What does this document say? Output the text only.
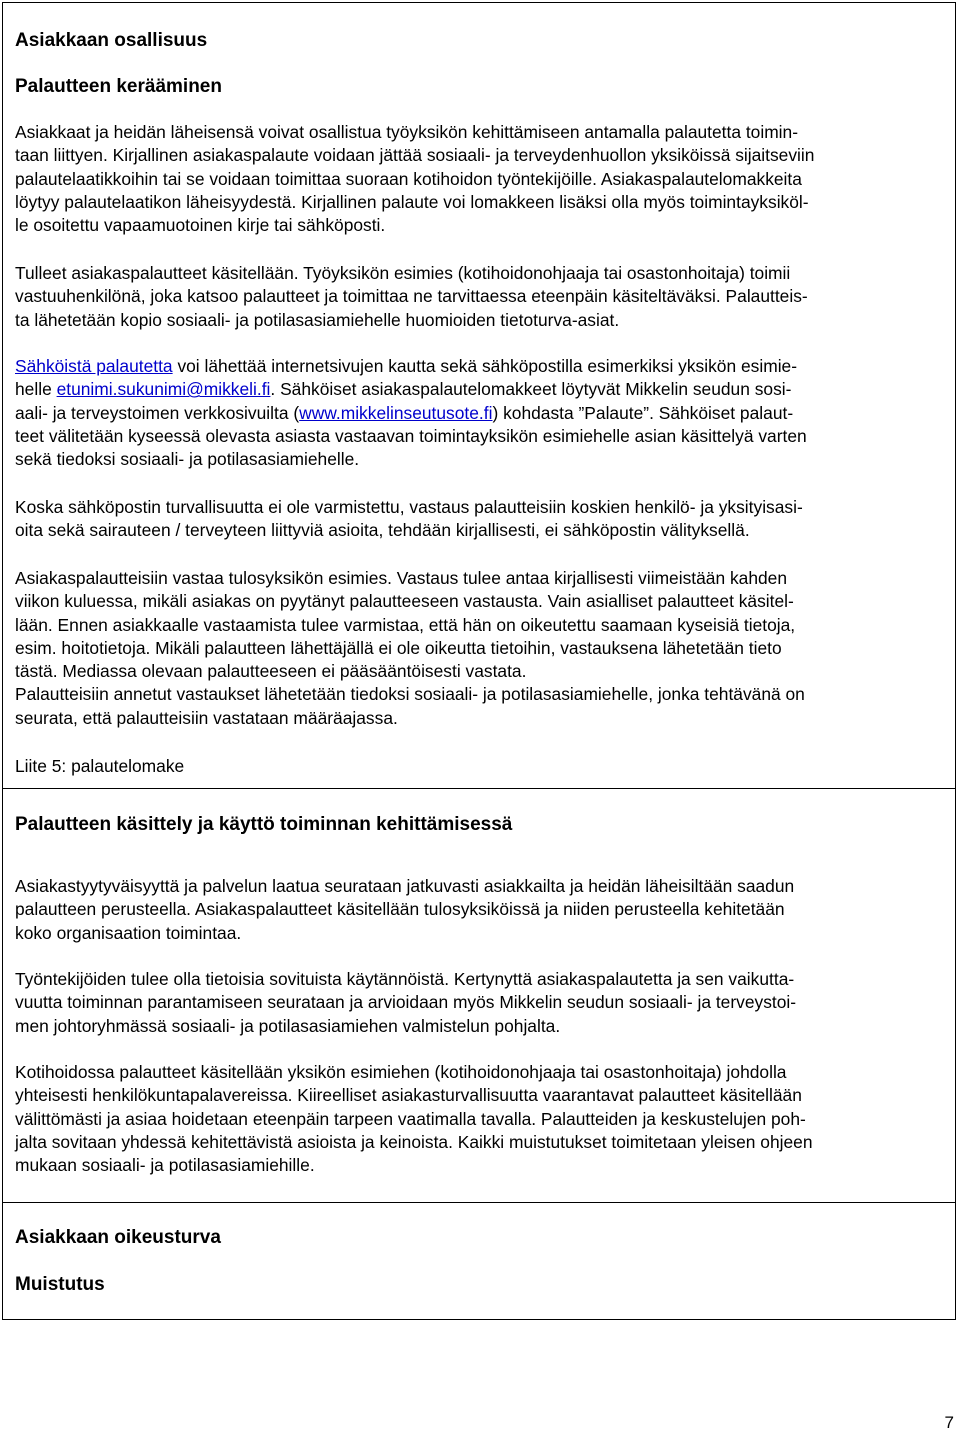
Asiakkaan osallisuus
Palautteen kerääminen
Asiakkaat ja heidän läheisensä voivat osallistua työyksikön kehittämiseen antamalla palautetta toimin-
taan liittyen. Kirjallinen asiakaspalaute voidaan jättää sosiaali- ja terveydenhuollon yksiköissä sijaitseviin
palautelaatikkoihin tai se voidaan toimittaa suoraan kotihoidon työntekijöille. Asiakaspalautelomakkeita
löytyy palautelaatikon läheisyydestä. Kirjallinen palaute voi lomakkeen lisäksi olla myös toimintayksiköl-
le osoitettu vapaamuotoinen kirje tai sähköposti.
Tulleet asiakaspalautteet käsitellään. Työyksikön esimies (kotihoidonohjaaja tai osastonhoitaja) toimii
vastuuhenkilönä, joka katsoo palautteet ja toimittaa ne tarvittaessa eteenpäin käsiteltäväksi. Palautteis-
ta lähetetään kopio sosiaali- ja potilasasiamiehelle huomioiden tietoturva-asiat.
Sähköistä palautetta voi lähettää internetsivujen kautta sekä sähköpostilla esimerkiksi yksikön esimie-
helle etunimi.sukunimi@mikkeli.fi. Sähköiset asiakaspalautelomakkeet löytyvät Mikkelin seudun sosi-
aali- ja terveystoimen verkkosivuilta (www.mikkelinseutusote.fi) kohdasta ”Palaute”. Sähköiset palaut-
teet välitetään kyseessä olevasta asiasta vastaavan toimintayksikön esimiehelle asian käsittelyä varten
sekä tiedoksi sosiaali- ja potilasasiamiehelle.
Koska sähköpostin turvallisuutta ei ole varmistettu, vastaus palautteisiin koskien henkilö- ja yksityisasi-
oita sekä sairauteen / terveyteen liittyviä asioita, tehdään kirjallisesti, ei sähköpostin välityksellä.
Asiakaspalautteisiin vastaa tulosyksikön esimies. Vastaus tulee antaa kirjallisesti viimeistään kahden
viikon kuluessa, mikäli asiakas on pyytänyt palautteeseen vastausta. Vain asialliset palautteet käsitel-
lään. Ennen asiakkaalle vastaamista tulee varmistaa, että hän on oikeutettu saamaan kyseisiä tietoja,
esim. hoitotietoja. Mikäli palautteen lähettäjällä ei ole oikeutta tietoihin, vastauksena lähetetään tieto
tästä. Mediassa olevaan palautteeseen ei pääsääntöisesti vastata.
Palautteisiin annetut vastaukset lähetetään tiedoksi sosiaali- ja potilasasiamiehelle, jonka tehtävänä on
seurata, että palautteisiin vastataan määräajassa.
Liite 5: palautelomake
Palautteen käsittely ja käyttö toiminnan kehittämisessä
Asiakastyytyväisyyttä ja palvelun laatua seurataan jatkuvasti asiakkailta ja heidän läheisiltään saadun
palautteen perusteella. Asiakaspalautteet käsitellään tulosyksiköissä ja niiden perusteella kehitetään
koko organisaation toimintaa.
Työntekijöiden tulee olla tietoisia sovituista käytännöistä. Kertynyttä asiakaspalautetta ja sen vaikutta-
vuutta toiminnan parantamiseen seurataan ja arvioidaan myös Mikkelin seudun sosiaali- ja terveystoi-
men johtoryhmässä sosiaali- ja potilasasiamiehen valmistelun pohjalta.
Kotihoidossa palautteet käsitellään yksikön esimiehen (kotihoidonohjaaja tai osastonhoitaja) johdolla
yhteisesti henkilökuntapalavereissa. Kiireelliset asiakasturvallisuutta vaarantavat palautteet käsitellään
välittömästi ja asiaa hoidetaan eteenpäin tarpeen vaatimalla tavalla. Palautteiden ja keskustelujen poh-
jalta sovitaan yhdessä kehitettävistä asioista ja keinoista. Kaikki muistutukset toimitetaan yleisen ohjeen
mukaan sosiaali- ja potilasasiamiehille.
Asiakkaan oikeusturva
Muistutus
7
